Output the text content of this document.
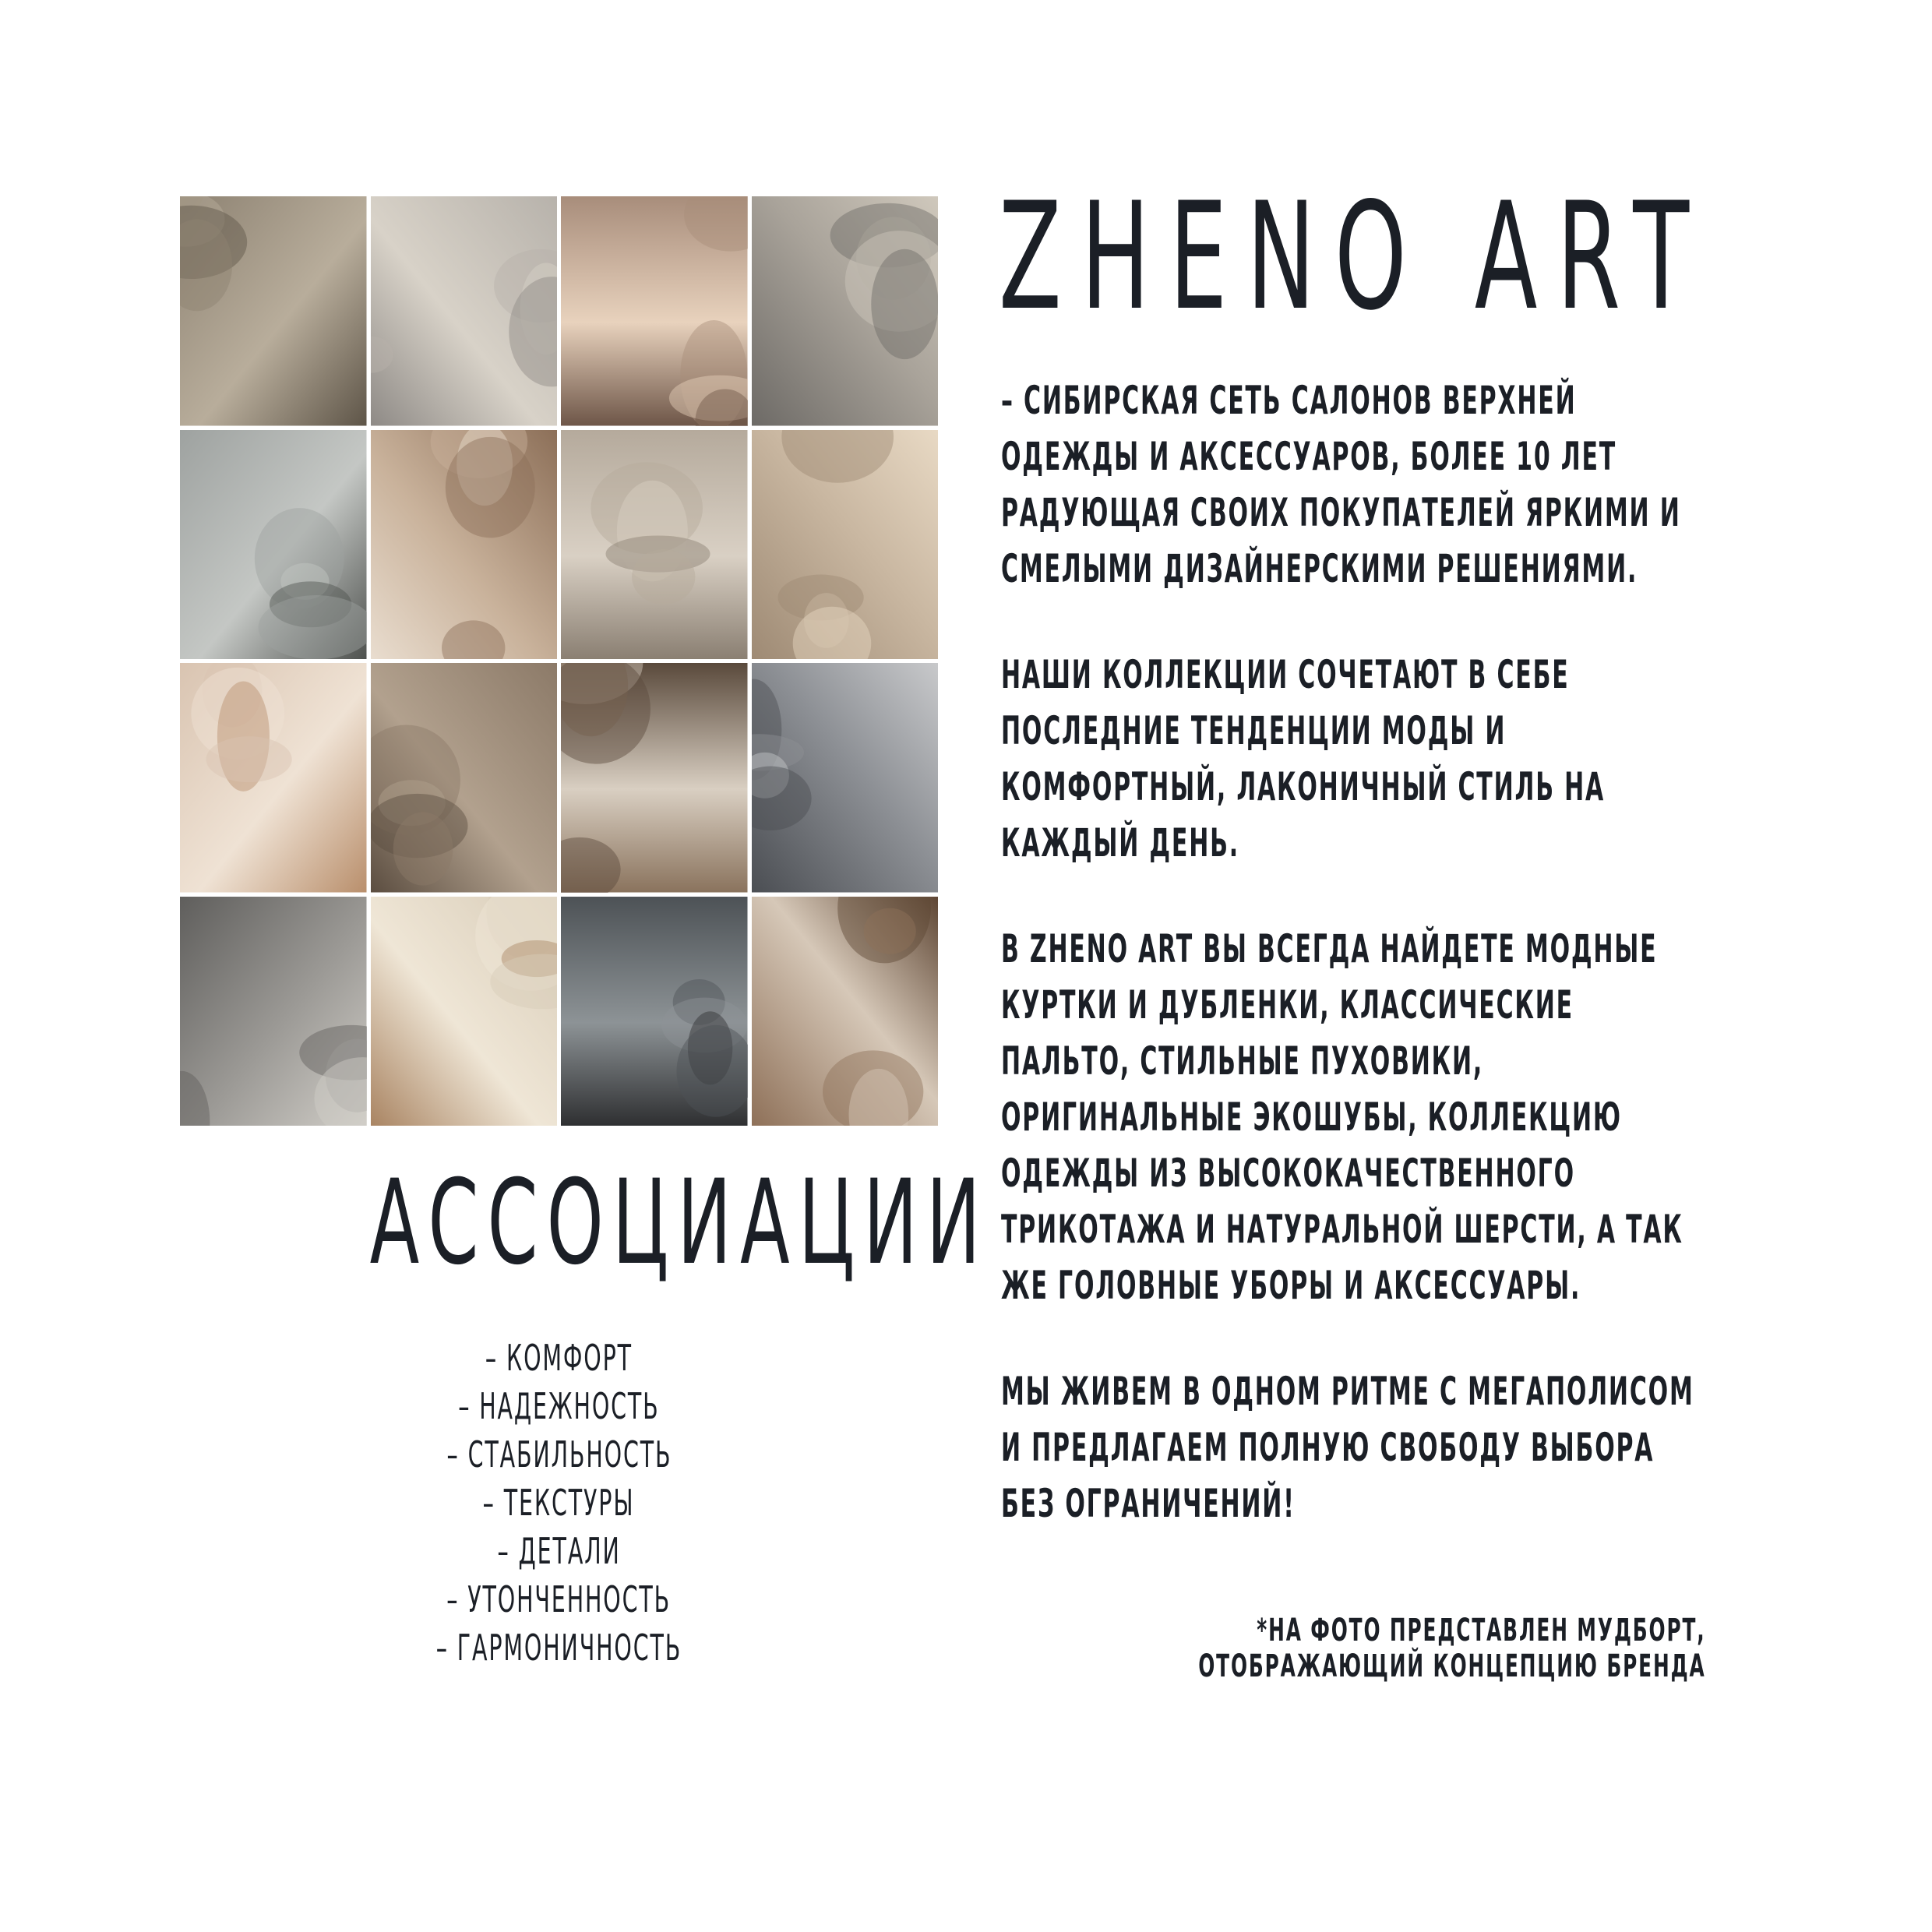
АССОЦИАЦИИ
– КОМФОРТ
– НАДЕЖНОСТЬ
– СТАБИЛЬНОСТЬ
– ТЕКСТУРЫ
– ДЕТАЛИ
– УТОНЧЕННОСТЬ
– ГАРМОНИЧНОСТЬ
ZHENO ART

– СИБИРСКАЯ СЕТЬ САЛОНОВ ВЕРХНЕЙ
ОДЕЖДЫ И АКСЕССУАРОВ, БОЛЕЕ 10 ЛЕТ
РАДУЮЩАЯ СВОИХ ПОКУПАТЕЛЕЙ ЯРКИМИ И
СМЕЛЫМИ ДИЗАЙНЕРСКИМИ РЕШЕНИЯМИ.

НАШИ КОЛЛЕКЦИИ СОЧЕТАЮТ В СЕБЕ
ПОСЛЕДНИЕ ТЕНДЕНЦИИ МОДЫ И
КОМФОРТНЫЙ, ЛАКОНИЧНЫЙ СТИЛЬ НА
КАЖДЫЙ ДЕНЬ.

В ZHENO ART ВЫ ВСЕГДА НАЙДЕТЕ МОДНЫЕ
КУРТКИ И ДУБЛЕНКИ, КЛАССИЧЕСКИЕ
ПАЛЬТО, СТИЛЬНЫЕ ПУХОВИКИ,
ОРИГИНАЛЬНЫЕ ЭКОШУБЫ, КОЛЛЕКЦИЮ
ОДЕЖДЫ ИЗ ВЫСОКОКАЧЕСТВЕННОГО
ТРИКОТАЖА И НАТУРАЛЬНОЙ ШЕРСТИ, А ТАК
ЖЕ ГОЛОВНЫЕ УБОРЫ И АКСЕССУАРЫ.

МЫ ЖИВЕМ В ОДНОМ РИТМЕ С МЕГАПОЛИСОМ
И ПРЕДЛАГАЕМ ПОЛНУЮ СВОБОДУ ВЫБОРА
БЕЗ ОГРАНИЧЕНИЙ!

*НА ФОТО ПРЕДСТАВЛЕН МУДБОРТ,
ОТОБРАЖАЮЩИЙ КОНЦЕПЦИЮ БРЕНДА
